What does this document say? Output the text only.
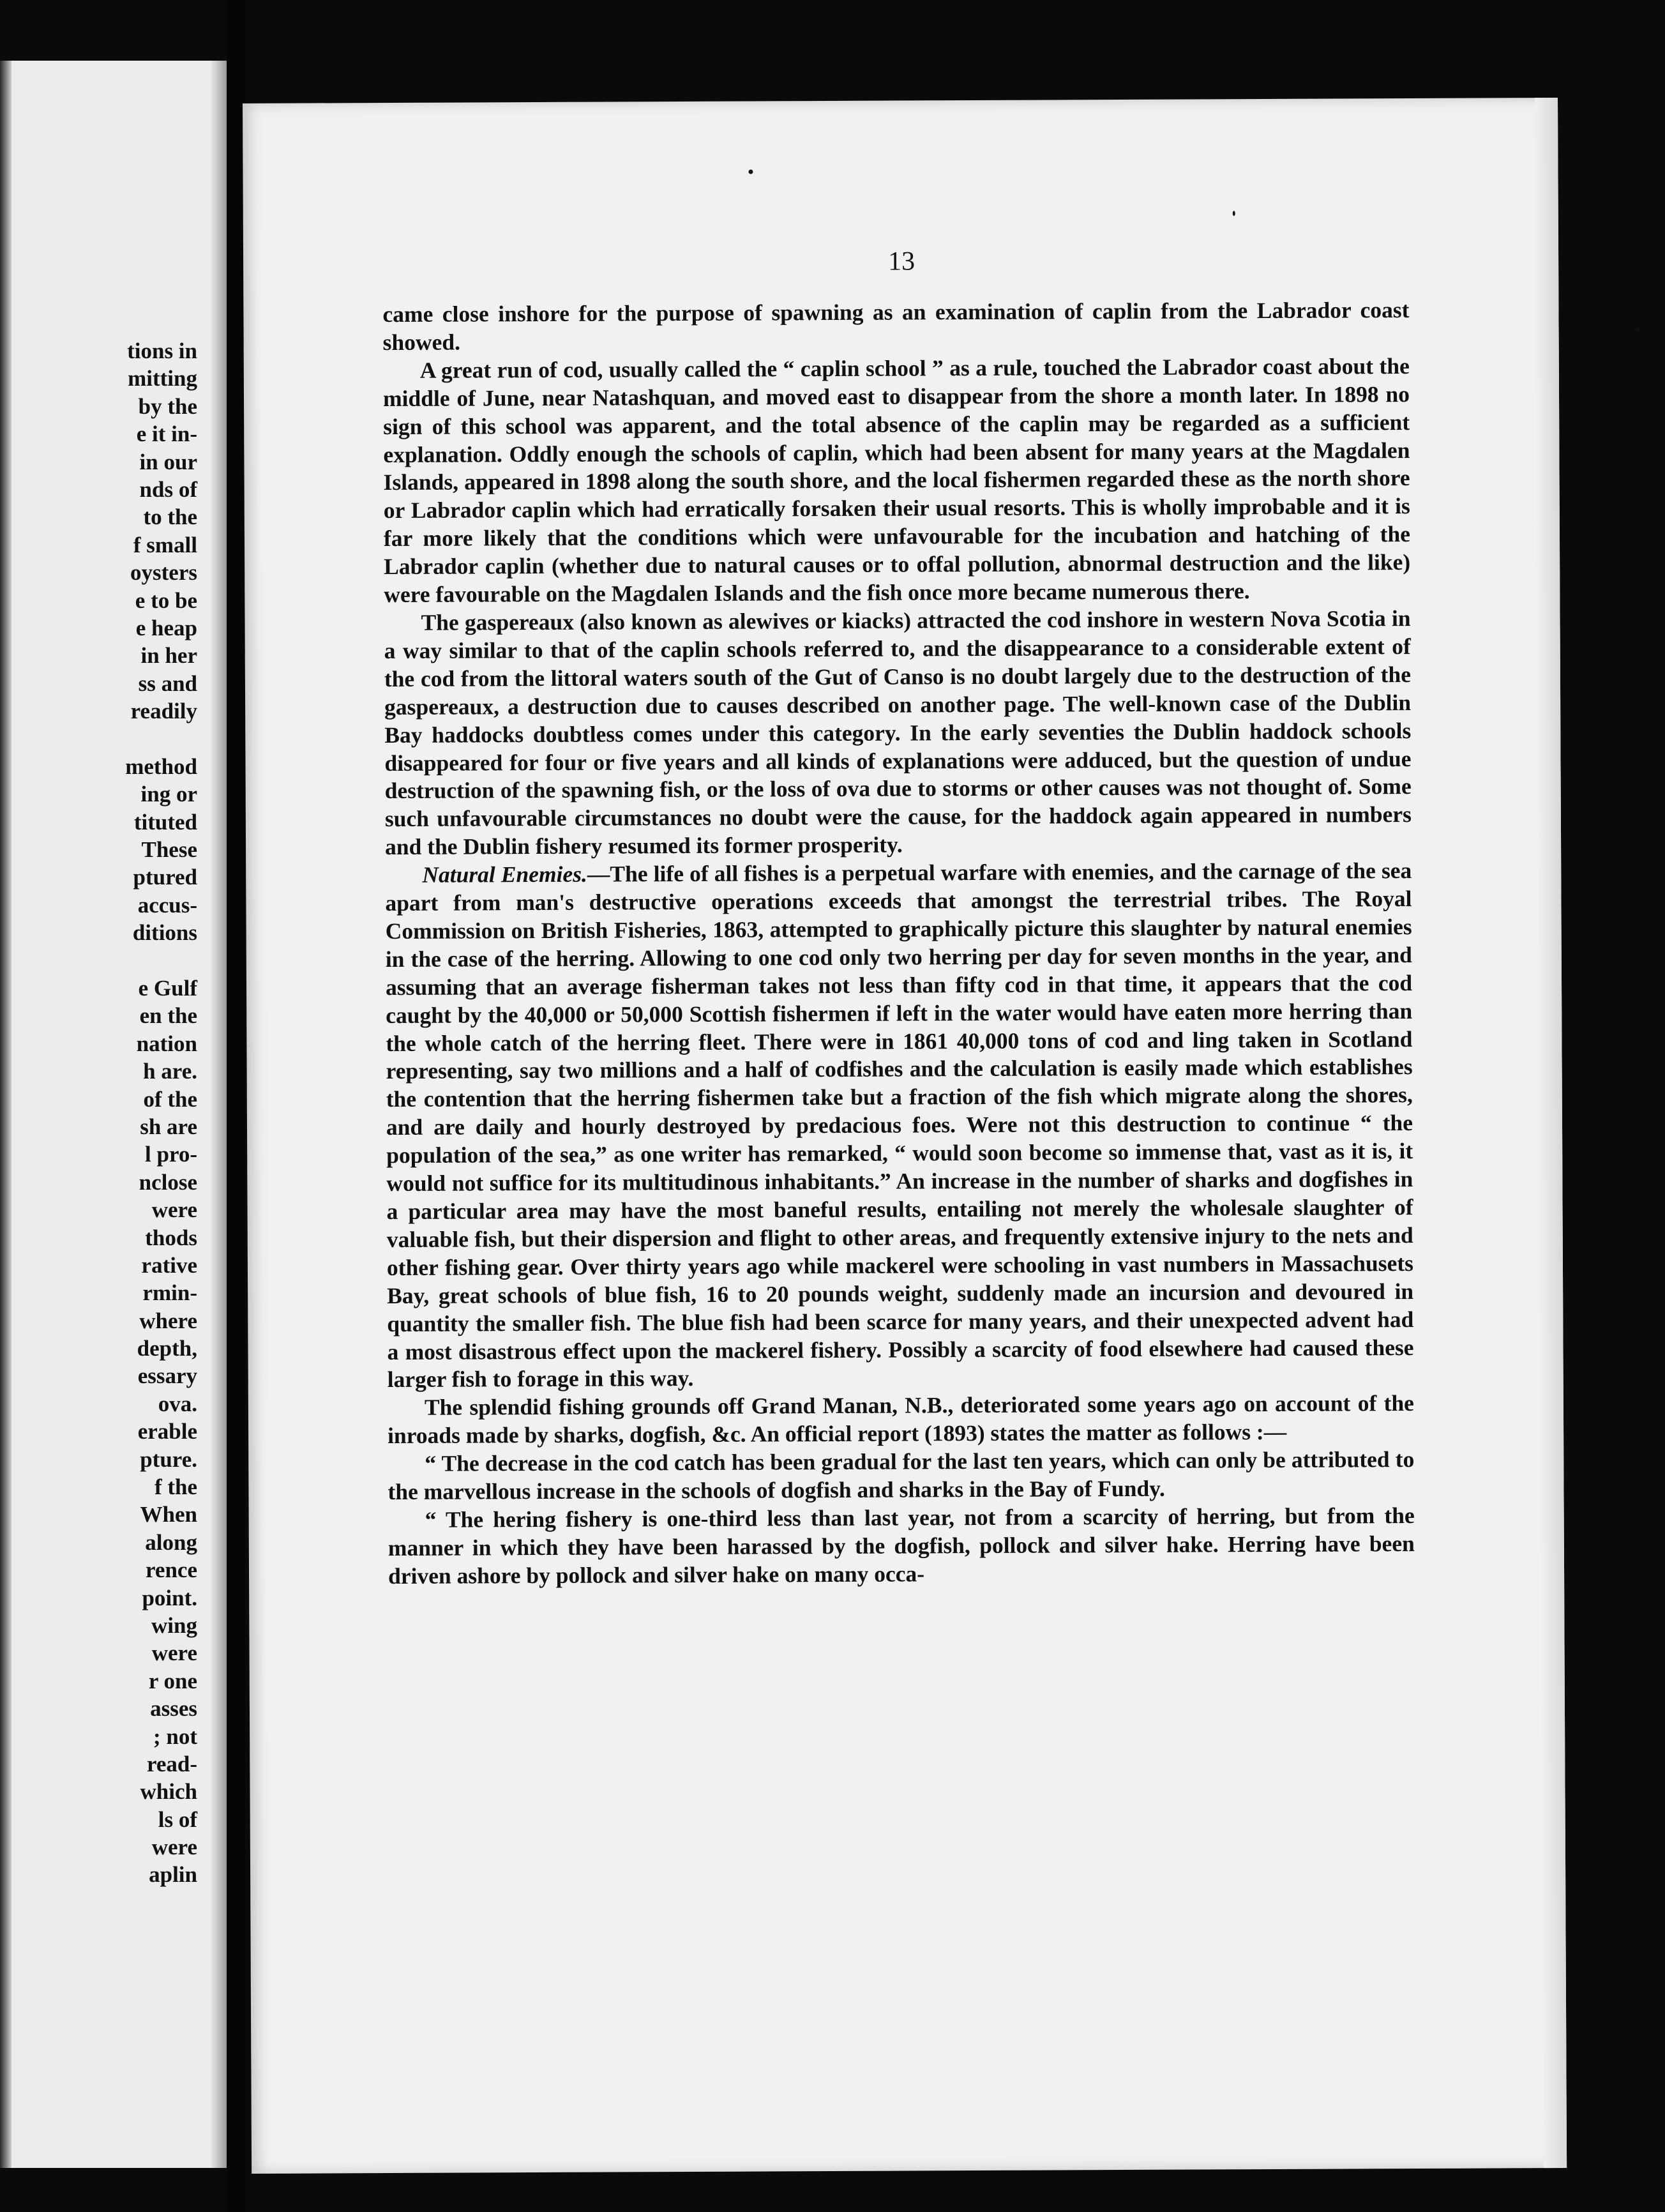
tions in
mitting
by the
e it in-
in our
nds of
to the
f small
oysters
e to be
e heap
in her
ss and
readily
method
ing or
tituted
These
ptured
accus-
ditions
e Gulf
en the
nation
h are.
of the
sh are
l pro-
nclose
were
thods
rative
rmin-
where
depth,
essary
ova.
erable
pture.
f the
When
along
rence
point.
wing
were
r one
asses
; not
read-
which
ls of
were
aplin
13

came close inshore for the purpose of spawning as an examination of caplin from the Labrador coast showed.

A great run of cod, usually called the “ caplin school ” as a rule, touched the Labrador coast about the middle of June, near Natashquan, and moved east to disappear from the shore a month later. In 1898 no sign of this school was apparent, and the total absence of the caplin may be regarded as a sufficient explanation. Oddly enough the schools of caplin, which had been absent for many years at the Magdalen Islands, appeared in 1898 along the south shore, and the local fishermen regarded these as the north shore or Labrador caplin which had erratically forsaken their usual resorts. This is wholly improbable and it is far more likely that the conditions which were unfavourable for the incubation and hatching of the Labrador caplin (whether due to natural causes or to offal pollution, abnormal destruction and the like) were favourable on the Magdalen Islands and the fish once more became numerous there.

The gaspereaux (also known as alewives or kiacks) attracted the cod inshore in western Nova Scotia in a way similar to that of the caplin schools referred to, and the disappearance to a considerable extent of the cod from the littoral waters south of the Gut of Canso is no doubt largely due to the destruction of the gaspereaux, a destruction due to causes described on another page. The well-known case of the Dublin Bay haddocks doubtless comes under this category. In the early seventies the Dublin haddock schools disappeared for four or five years and all kinds of explanations were adduced, but the question of undue destruction of the spawning fish, or the loss of ova due to storms or other causes was not thought of. Some such unfavourable circumstances no doubt were the cause, for the haddock again appeared in numbers and the Dublin fishery resumed its former prosperity.

Natural Enemies.—The life of all fishes is a perpetual warfare with enemies, and the carnage of the sea apart from man's destructive operations exceeds that amongst the terrestrial tribes. The Royal Commission on British Fisheries, 1863, attempted to graphically picture this slaughter by natural enemies in the case of the herring. Allowing to one cod only two herring per day for seven months in the year, and assuming that an average fisherman takes not less than fifty cod in that time, it appears that the cod caught by the 40,000 or 50,000 Scottish fishermen if left in the water would have eaten more herring than the whole catch of the herring fleet. There were in 1861 40,000 tons of cod and ling taken in Scotland representing, say two millions and a half of codfishes and the calculation is easily made which establishes the contention that the herring fishermen take but a fraction of the fish which migrate along the shores, and are daily and hourly destroyed by predacious foes. Were not this destruction to continue “ the population of the sea,” as one writer has remarked, “ would soon become so immense that, vast as it is, it would not suffice for its multitudinous inhabitants.” An increase in the number of sharks and dogfishes in a particular area may have the most baneful results, entailing not merely the wholesale slaughter of valuable fish, but their dispersion and flight to other areas, and frequently extensive injury to the nets and other fishing gear. Over thirty years ago while mackerel were schooling in vast numbers in Massachusets Bay, great schools of blue fish, 16 to 20 pounds weight, suddenly made an incursion and devoured in quantity the smaller fish. The blue fish had been scarce for many years, and their unexpected advent had a most disastrous effect upon the mackerel fishery. Possibly a scarcity of food elsewhere had caused these larger fish to forage in this way.

The splendid fishing grounds off Grand Manan, N.B., deteriorated some years ago on account of the inroads made by sharks, dogfish, &c. An official report (1893) states the matter as follows :—

“ The decrease in the cod catch has been gradual for the last ten years, which can only be attributed to the marvellous increase in the schools of dogfish and sharks in the Bay of Fundy.

“ The hering fishery is one-third less than last year, not from a scarcity of herring, but from the manner in which they have been harassed by the dogfish, pollock and silver hake. Herring have been driven ashore by pollock and silver hake on many occa-
